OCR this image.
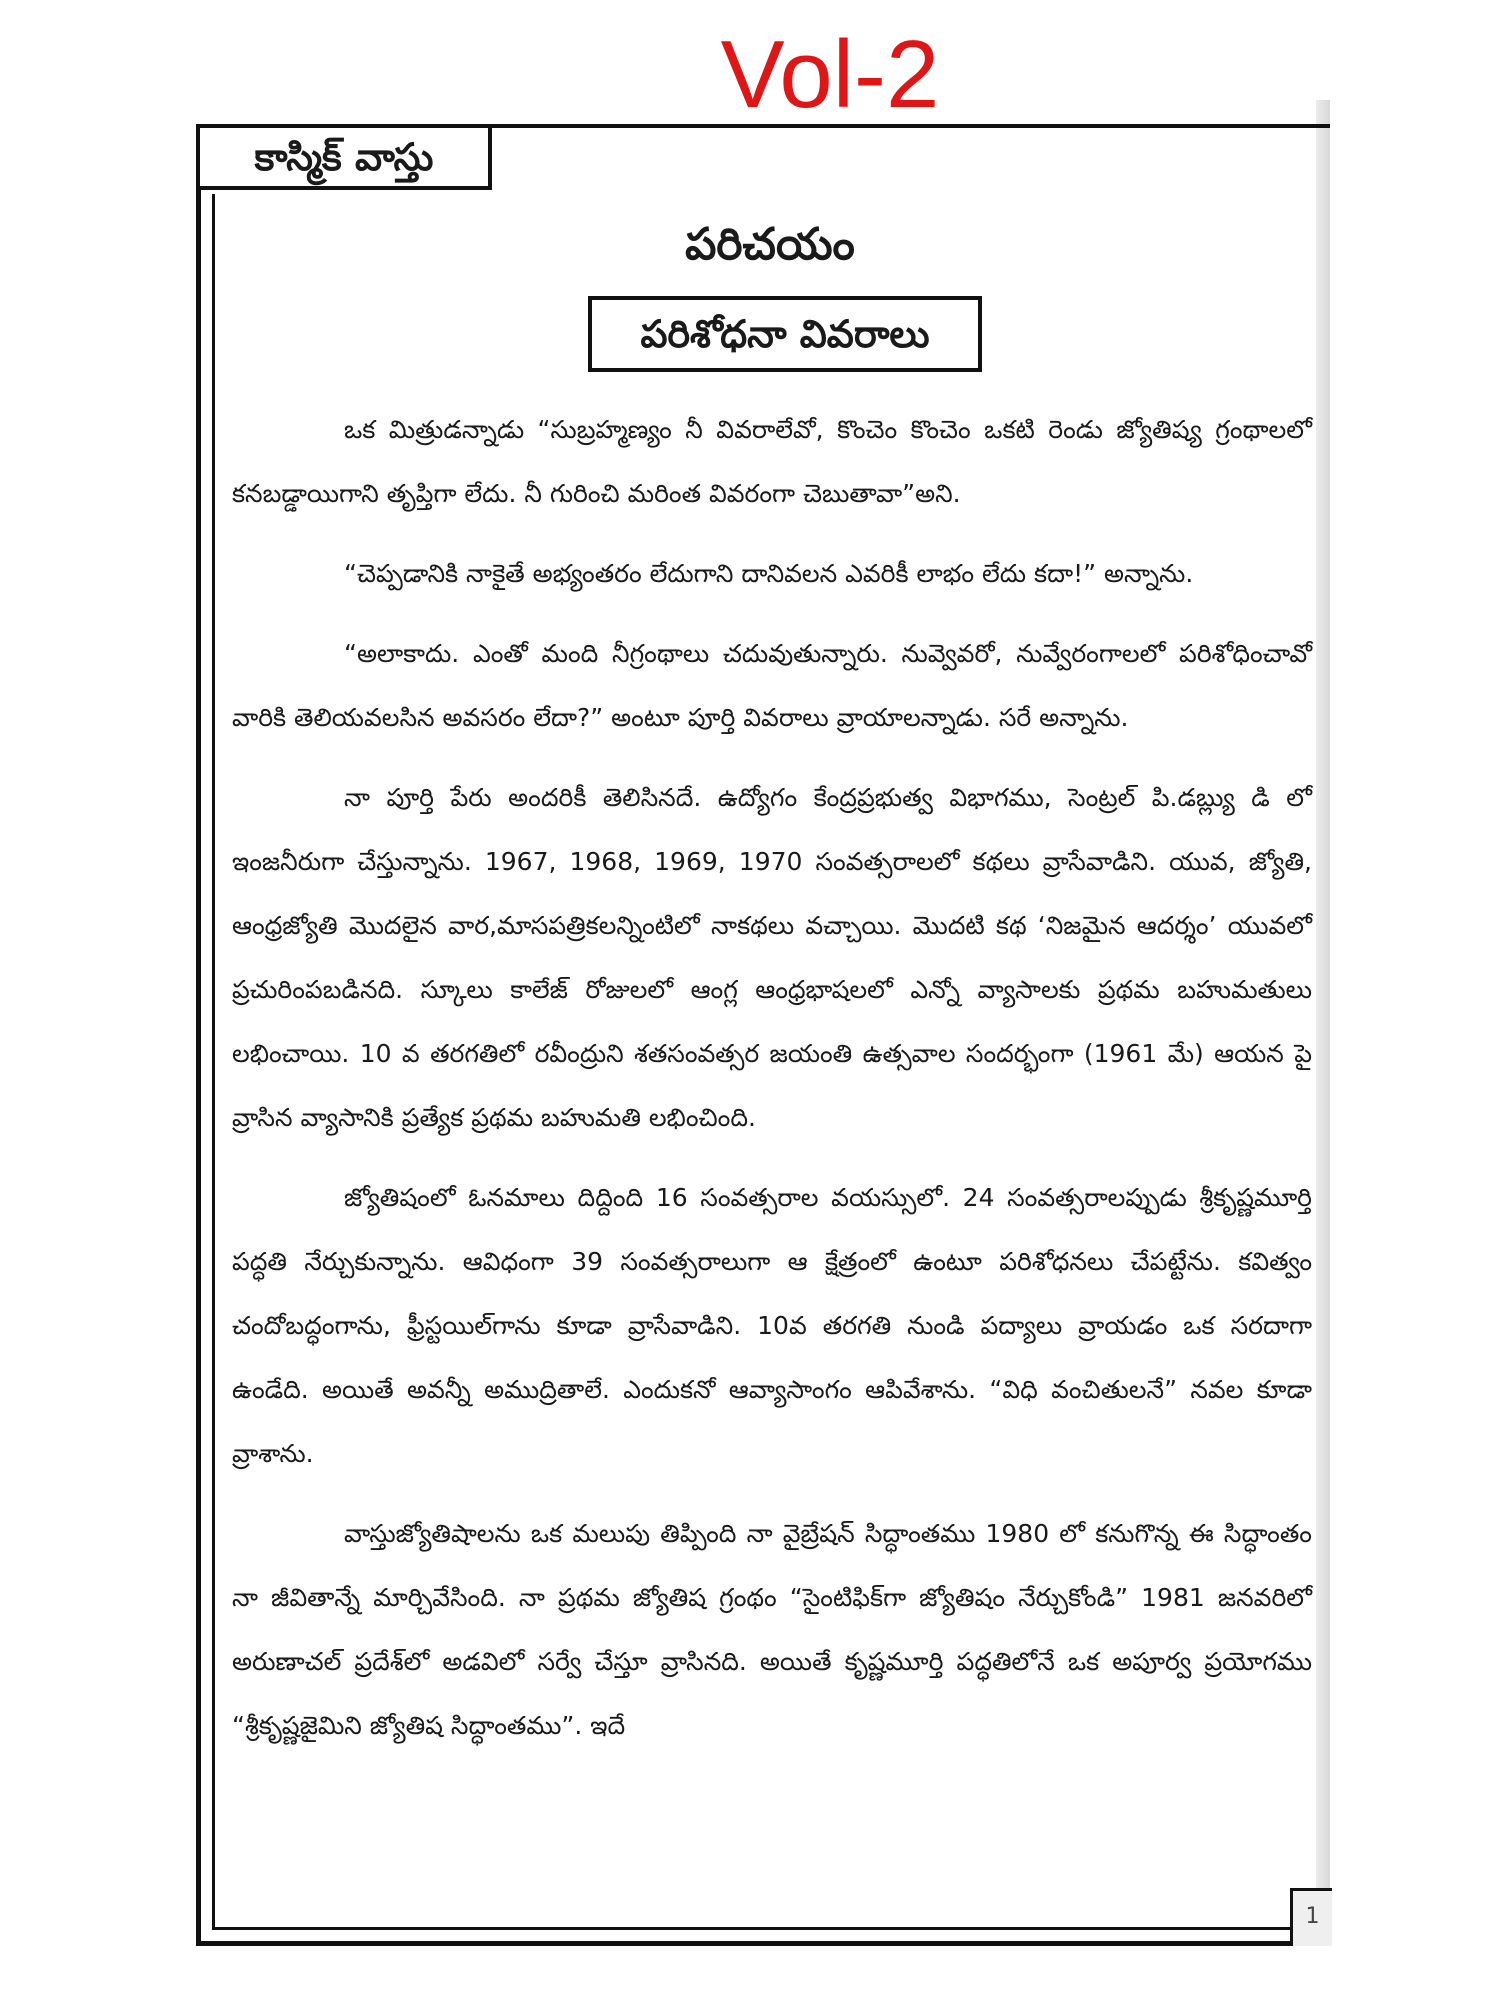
Vol-2
కాస్మిక్ వాస్తు
పరిచయం
పరిశోధనా వివరాలు

ఒక మిత్రుడన్నాడు “సుబ్రహ్మణ్యం నీ వివరాలేవో, కొంచెం కొంచెం ఒకటి రెండు జ్యోతిష్య గ్రంథాలలో కనబడ్డాయిగాని తృప్తిగా లేదు. నీ గురించి మరింత వివరంగా చెబుతావా”అని.

“చెప్పడానికి నాకైతే అభ్యంతరం లేదుగాని దానివలన ఎవరికీ లాభం లేదు కదా!” అన్నాను.

“అలాకాదు. ఎంతో మంది నీగ్రంథాలు చదువుతున్నారు. నువ్వెవరో, నువ్వేరంగాలలో పరిశోధించావో వారికి తెలియవలసిన అవసరం లేదా?” అంటూ పూర్తి వివరాలు వ్రాయాలన్నాడు. సరే అన్నాను.

నా పూర్తి పేరు అందరికీ తెలిసినదే. ఉద్యోగం కేంద్రప్రభుత్వ విభాగము, సెంట్రల్ పి.డబ్ల్యు డి లో ఇంజనీరుగా చేస్తున్నాను. 1967, 1968, 1969, 1970 సంవత్సరాలలో కథలు వ్రాసేవాడిని. యువ, జ్యోతి, ఆంధ్రజ్యోతి మొదలైన వార,మాసపత్రికలన్నింటిలో నాకథలు వచ్చాయి. మొదటి కథ ‘నిజమైన ఆదర్శం’ యువలో ప్రచురింపబడినది. స్కూలు కాలేజ్ రోజులలో ఆంగ్ల ఆంధ్రభాషలలో ఎన్నో వ్యాసాలకు ప్రథమ బహుమతులు లభించాయి. 10 వ తరగతిలో రవీంద్రుని శతసంవత్సర జయంతి ఉత్సవాల సందర్భంగా (1961 మే) ఆయన పై వ్రాసిన వ్యాసానికి ప్రత్యేక ప్రథమ బహుమతి లభించింది.

జ్యోతిషంలో ఓనమాలు దిద్దింది 16 సంవత్సరాల వయస్సులో. 24 సంవత్సరాలప్పుడు శ్రీకృష్ణమూర్తి పద్ధతి నేర్చుకున్నాను. ఆవిధంగా 39 సంవత్సరాలుగా ఆ క్షేత్రంలో ఉంటూ పరిశోధనలు చేపట్టేను. కవిత్వం చందోబద్ధంగాను, ఫ్రీస్టయిల్‌గాను కూడా వ్రాసేవాడిని. 10వ తరగతి నుండి పద్యాలు వ్రాయడం ఒక సరదాగా ఉండేది. అయితే అవన్నీ అముద్రితాలే. ఎందుకనో ఆవ్యాసాంగం ఆపివేశాను. “విధి వంచితులనే” నవల కూడా వ్రాశాను.

వాస్తుజ్యోతిషాలను ఒక మలుపు తిప్పింది నా వైబ్రేషన్ సిద్ధాంతము 1980 లో కనుగొన్న ఈ సిద్ధాంతం నా జీవితాన్నే మార్చివేసింది. నా ప్రథమ జ్యోతిష గ్రంథం “సైంటిఫిక్‌గా జ్యోతిషం నేర్చుకోండి” 1981 జనవరిలో అరుణాచల్ ప్రదేశ్‌లో అడవిలో సర్వే చేస్తూ వ్రాసినది. అయితే కృష్ణమూర్తి పద్ధతిలోనే ఒక అపూర్వ ప్రయోగము “శ్రీకృష్ణజైమిని జ్యోతిష సిద్ధాంతము”. ఇదే

1
